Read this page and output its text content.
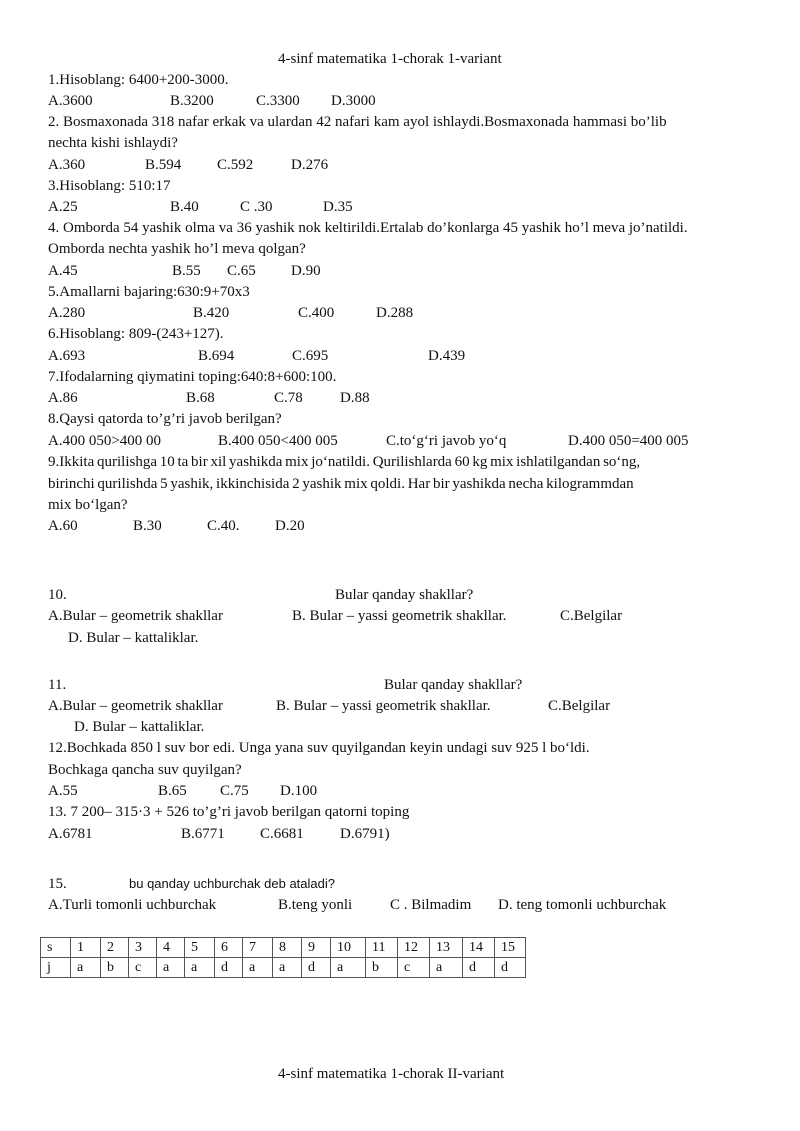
4-sinf matematika 1-chorak 1-variant
1.Hisoblang: 6400+200-3000.
A.3600	B.3200	C.3300 D.3000
2. Bosmaxonada 318 nafar erkak va ulardan 42 nafari kam ayol ishlaydi.Bosmaxonada hammasi bo’lib
nechta kishi ishlaydi?
A.360	B.594 C.592	D.276
3.Hisoblang: 510:17
A.25	B.40	C .30	D.35
4. Omborda 54 yashik olma va 36 yashik nok keltirildi.Ertalab do’konlarga 45 yashik ho’l meva jo’natildi.
Omborda nechta yashik ho’l meva qolgan?
A.45	B.55 C.65 D.90
5.Amallarni bajaring:630:9+70x3
A.280	B.420	C.400	D.288
6.Hisoblang: 809-(243+127).
A.693	B.694	C.695	D.439
7.Ifodalarning qiymatini toping:640:8+600:100.
A.86	B.68	C.78 D.88
8.Qaysi qatorda to’g’ri javob berilgan?
A.400 050>400 00	B.400 050<400 005	C.to‘g‘ri javob yo‘q	D.400 050=400 005
9.Ikkita qurilishga 10 ta bir xil yashikda mix jo‘natildi. Qurilishlarda 60 kg mix ishlatilgandan so‘ng,
birinchi qurilishda 5 yashik, ikkinchisida 2 yashik mix qoldi. Har bir yashikda necha kilogrammdan
mix bo‘lgan?
A.60	B.30	C.40. D.20
10.	Bular qanday shakllar?
A.Bular – geometrik shakllar	B. Bular – yassi geometrik shakllar.	C.Belgilar
D. Bular – kattaliklar.
11.	Bular qanday shakllar?
A.Bular – geometrik shakllar	B. Bular – yassi geometrik shakllar.	C.Belgilar
D. Bular – kattaliklar.
12.Bochkada 850 l suv bor edi. Unga yana suv quyilgandan keyin undagi suv 925 l bo‘ldi.
Bochkaga qancha suv quyilgan?
A.55	B.65 C.75 D.100
13. 7 200– 315·3 + 526 to’g’ri javob berilgan qatorni toping
A.6781	B.6771 C.6681 D.6791)
15.	bu qanday uchburchak deb ataladi?
A.Turli tomonli uchburchak	B.teng yonli	C . Bilmadim D. teng tomonli uchburchak
s	1	2	3	4	5	6	7	8	9	10	11	12	13	14	15
j	a	b	c	a	a	d	a	a	d	a	b	c	a	d	d
4-sinf matematika 1-chorak II-variant
